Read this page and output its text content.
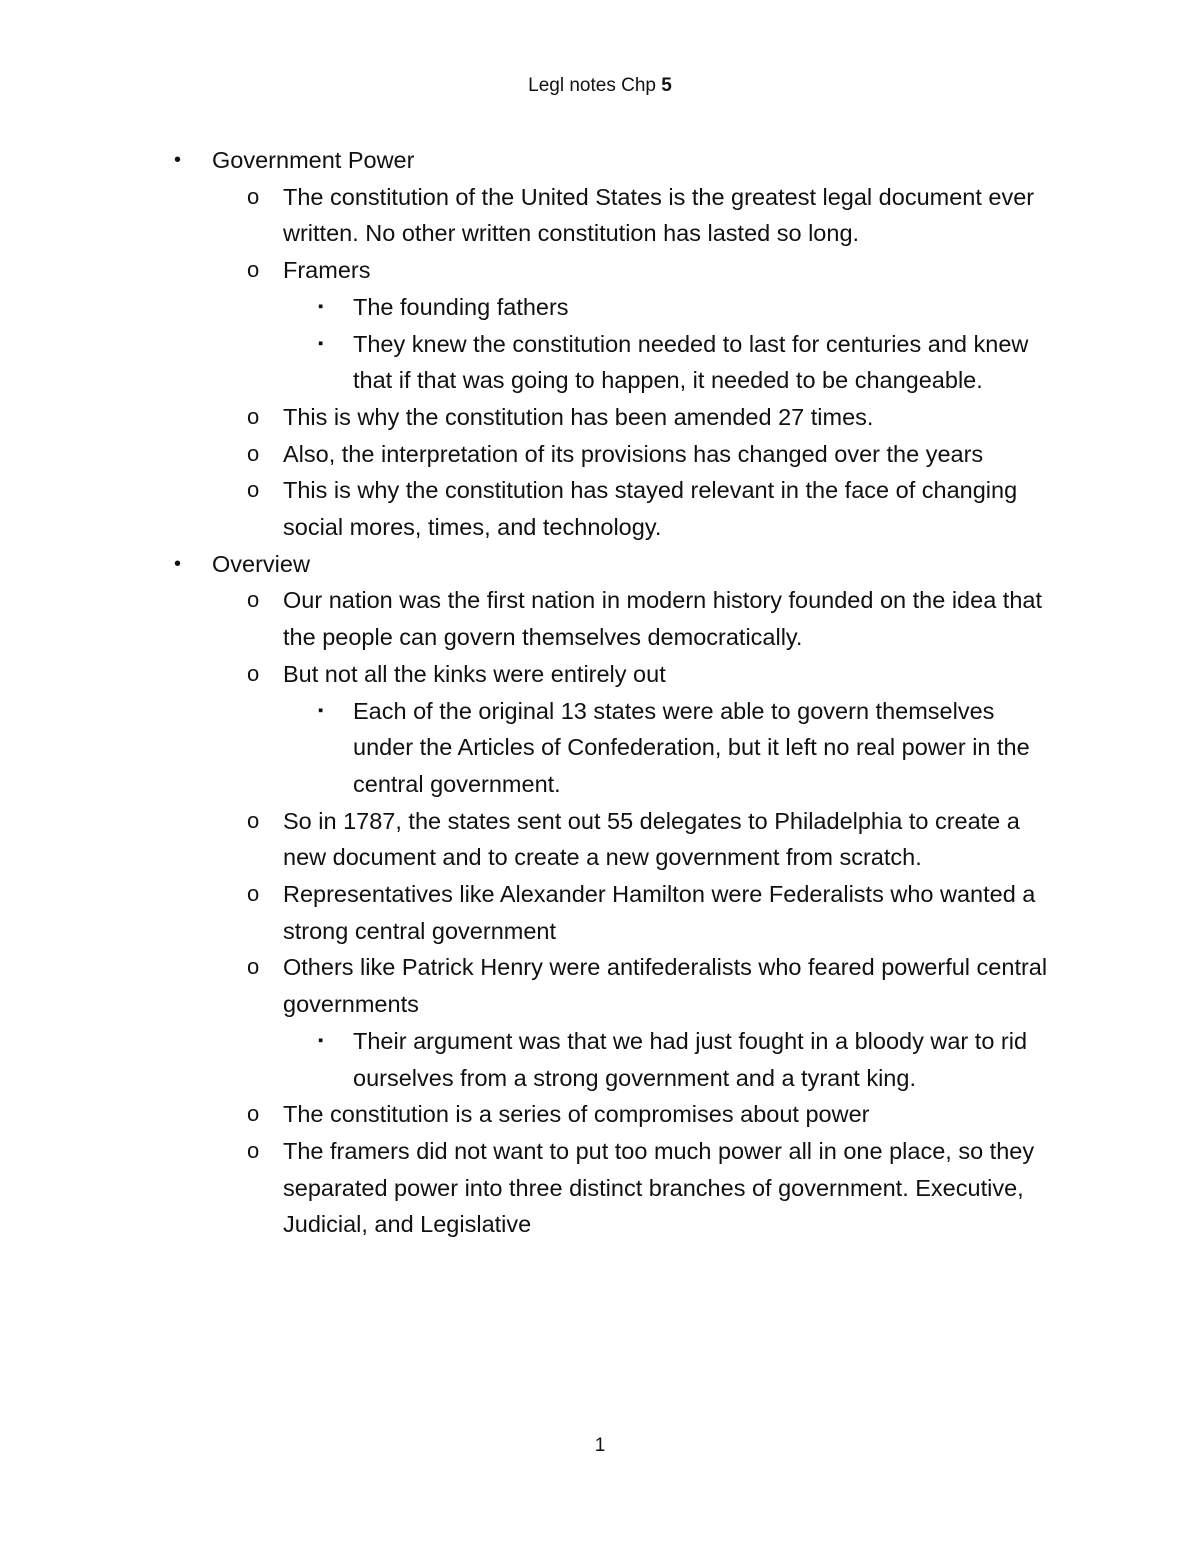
Legl notes Chp 5
• Government Power
o The constitution of the United States is the greatest legal document ever written. No other written constitution has lasted so long.
o Framers
▪ The founding fathers
▪ They knew the constitution needed to last for centuries and knew that if that was going to happen, it needed to be changeable.
o This is why the constitution has been amended 27 times.
o Also, the interpretation of its provisions has changed over the years
o This is why the constitution has stayed relevant in the face of changing social mores, times, and technology.
• Overview
o Our nation was the first nation in modern history founded on the idea that the people can govern themselves democratically.
o But not all the kinks were entirely out
▪ Each of the original 13 states were able to govern themselves under the Articles of Confederation, but it left no real power in the central government.
o So in 1787, the states sent out 55 delegates to Philadelphia to create a new document and to create a new government from scratch.
o Representatives like Alexander Hamilton were Federalists who wanted a strong central government
o Others like Patrick Henry were antifederalists who feared powerful central governments
▪ Their argument was that we had just fought in a bloody war to rid ourselves from a strong government and a tyrant king.
o The constitution is a series of compromises about power
o The framers did not want to put too much power all in one place, so they separated power into three distinct branches of government. Executive, Judicial, and Legislative
1
